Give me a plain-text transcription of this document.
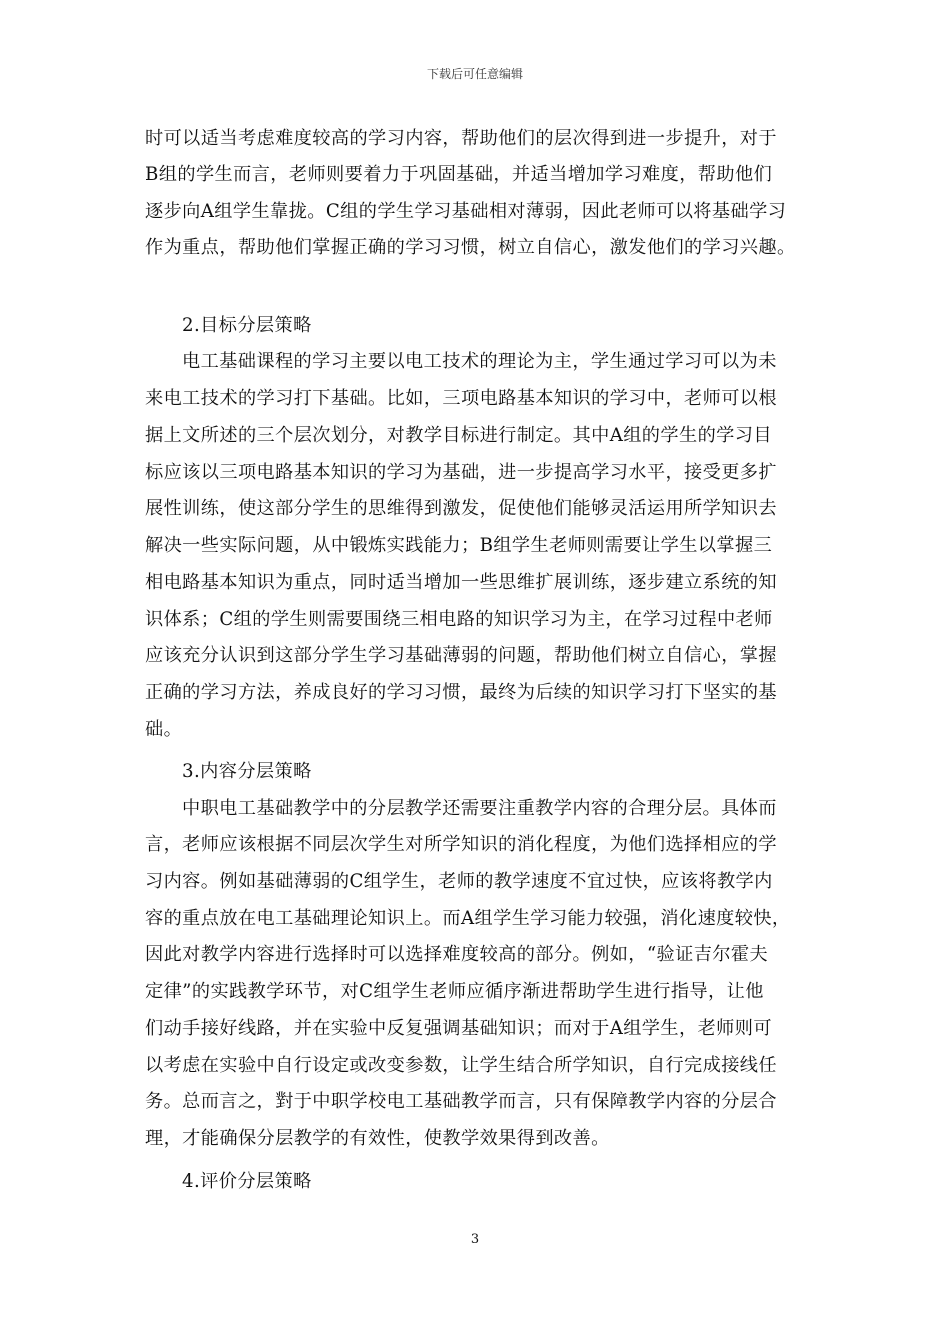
下载后可任意编辑
时可以适当考虑难度较高的学习内容，帮助他们的层次得到进一步提升，对于
B组的学生而言，老师则要着力于巩固基础，并适当增加学习难度，帮助他们
逐步向A组学生靠拢。C组的学生学习基础相对薄弱，因此老师可以将基础学习
作为重点，帮助他们掌握正确的学习习惯，树立自信心，激发他们的学习兴趣。
2.目标分层策略
电工基础课程的学习主要以电工技术的理论为主，学生通过学习可以为未
来电工技术的学习打下基础。比如，三项电路基本知识的学习中，老师可以根
据上文所述的三个层次划分，对教学目标进行制定。其中A组的学生的学习目
标应该以三项电路基本知识的学习为基础，进一步提高学习水平，接受更多扩
展性训练，使这部分学生的思维得到激发，促使他们能够灵活运用所学知识去
解决一些实际问题，从中锻炼实践能力；B组学生老师则需要让学生以掌握三
相电路基本知识为重点，同时适当增加一些思维扩展训练，逐步建立系统的知
识体系；C组的学生则需要围绕三相电路的知识学习为主，在学习过程中老师
应该充分认识到这部分学生学习基础薄弱的问题，帮助他们树立自信心，掌握
正确的学习方法，养成良好的学习习惯，最终为后续的知识学习打下坚实的基
础。
3.内容分层策略
中职电工基础教学中的分层教学还需要注重教学内容的合理分层。具体而
言，老师应该根据不同层次学生对所学知识的消化程度，为他们选择相应的学
习内容。例如基础薄弱的C组学生，老师的教学速度不宜过快，应该将教学内
容的重点放在电工基础理论知识上。而A组学生学习能力较强，消化速度较快，
因此对教学内容进行选择时可以选择难度较高的部分。例如，“验证吉尔霍夫
定律”的实践教学环节，对C组学生老师应循序渐进帮助学生进行指导，让他
们动手接好线路，并在实验中反复强调基础知识；而对于A组学生，老师则可
以考虑在实验中自行设定或改变参数，让学生结合所学知识，自行完成接线任
务。总而言之，對于中职学校电工基础教学而言，只有保障教学内容的分层合
理，才能确保分层教学的有效性，使教学效果得到改善。
4.评价分层策略
3
